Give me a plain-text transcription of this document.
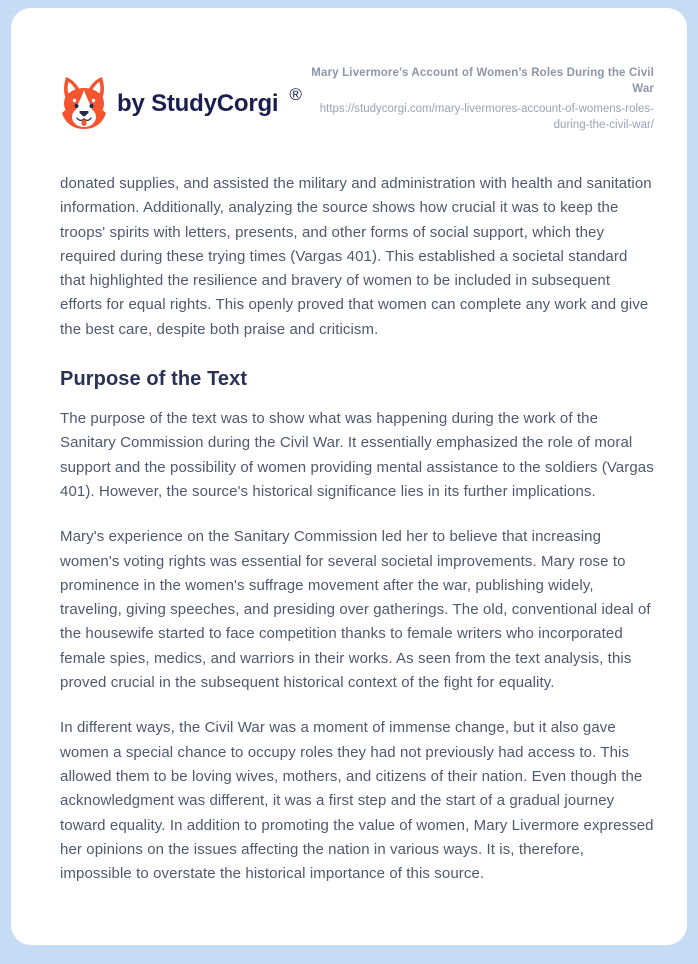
by StudyCorgi ®
Mary Livermore’s Account of Women’s Roles During the Civil War
https://studycorgi.com/mary-livermores-account-of-womens-roles-during-the-civil-war/

donated supplies, and assisted the military and administration with health and sanitation information. Additionally, analyzing the source shows how crucial it was to keep the troops' spirits with letters, presents, and other forms of social support, which they required during these trying times (Vargas 401). This established a societal standard that highlighted the resilience and bravery of women to be included in subsequent efforts for equal rights. This openly proved that women can complete any work and give the best care, despite both praise and criticism.

Purpose of the Text

The purpose of the text was to show what was happening during the work of the Sanitary Commission during the Civil War. It essentially emphasized the role of moral support and the possibility of women providing mental assistance to the soldiers (Vargas 401). However, the source's historical significance lies in its further implications.

Mary's experience on the Sanitary Commission led her to believe that increasing women's voting rights was essential for several societal improvements. Mary rose to prominence in the women's suffrage movement after the war, publishing widely, traveling, giving speeches, and presiding over gatherings. The old, conventional ideal of the housewife started to face competition thanks to female writers who incorporated female spies, medics, and warriors in their works. As seen from the text analysis, this proved crucial in the subsequent historical context of the fight for equality.

In different ways, the Civil War was a moment of immense change, but it also gave women a special chance to occupy roles they had not previously had access to. This allowed them to be loving wives, mothers, and citizens of their nation. Even though the acknowledgment was different, it was a first step and the start of a gradual journey toward equality. In addition to promoting the value of women, Mary Livermore expressed her opinions on the issues affecting the nation in various ways. It is, therefore, impossible to overstate the historical importance of this source.
